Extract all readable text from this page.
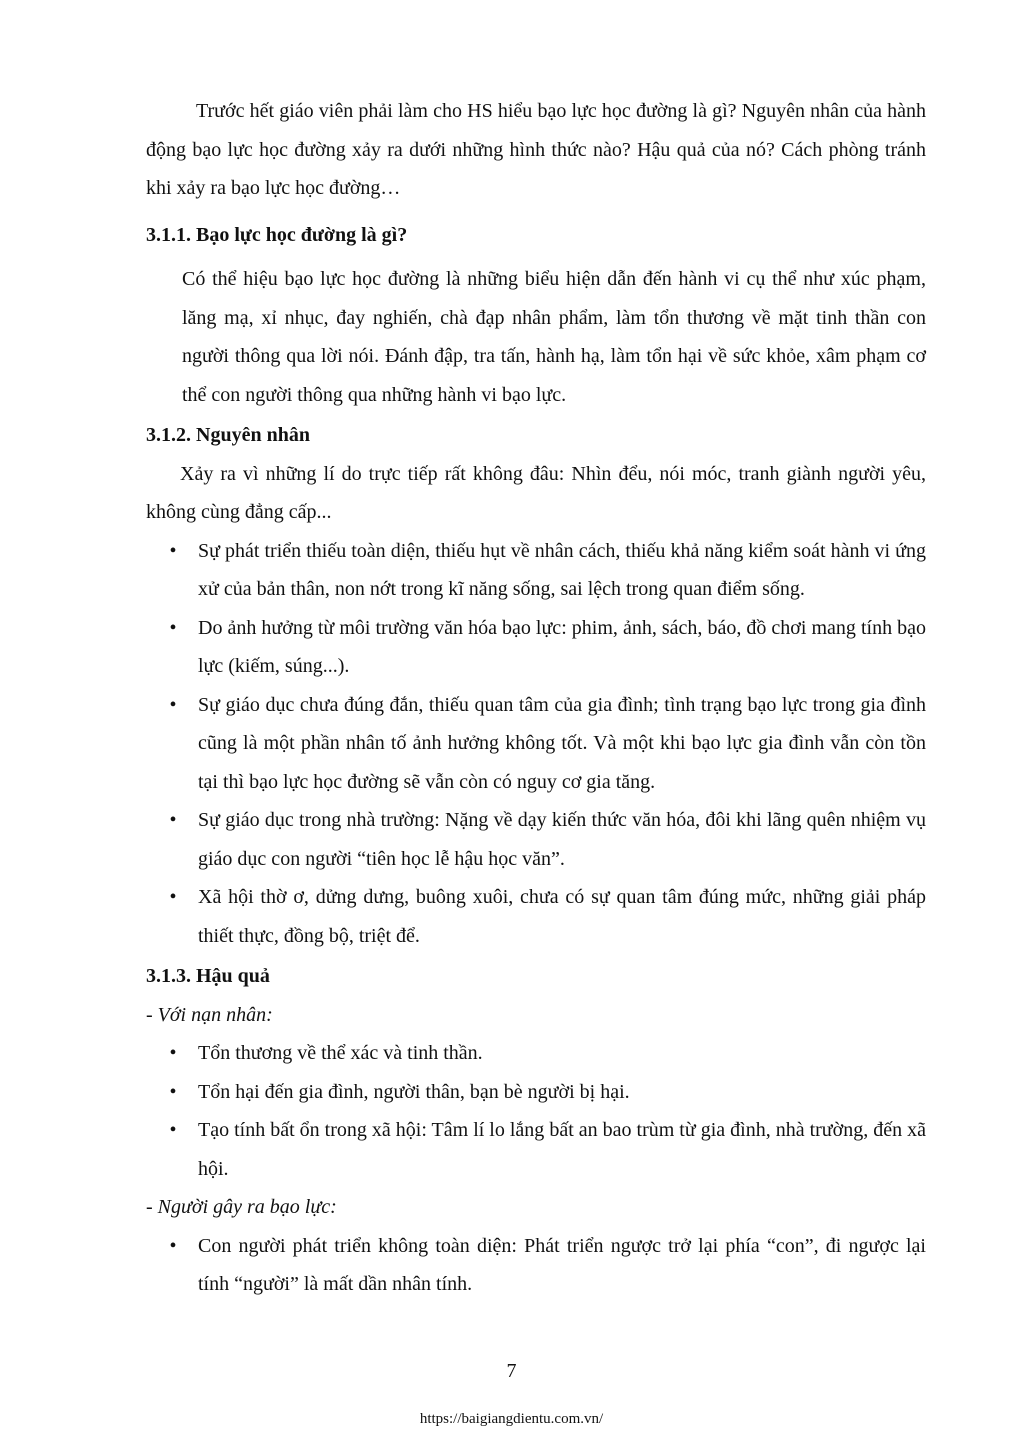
Trước hết giáo viên phải làm cho HS hiểu bạo lực học đường là gì? Nguyên nhân của hành động bạo lực học đường xảy ra dưới những hình thức nào? Hậu quả của nó? Cách phòng tránh khi xảy ra bạo lực học đường…

3.1.1. Bạo lực học đường là gì?

Có thể hiệu bạo lực học đường là những biểu hiện dẫn đến hành vi cụ thể như xúc phạm, lăng mạ, xỉ nhục, đay nghiến, chà đạp nhân phẩm, làm tổn thương về mặt tinh thần con người thông qua lời nói. Đánh đập, tra tấn, hành hạ, làm tổn hại về sức khỏe, xâm phạm cơ thể con người thông qua những hành vi bạo lực.

3.1.2. Nguyên nhân

Xảy ra vì những lí do trực tiếp rất không đâu: Nhìn đểu, nói móc, tranh giành người yêu, không cùng đẳng cấp...

• Sự phát triển thiếu toàn diện, thiếu hụt về nhân cách, thiếu khả năng kiểm soát hành vi ứng xử của bản thân, non nớt trong kĩ năng sống, sai lệch trong quan điểm sống.
• Do ảnh hưởng từ môi trường văn hóa bạo lực: phim, ảnh, sách, báo, đồ chơi mang tính bạo lực (kiếm, súng...).
• Sự giáo dục chưa đúng đắn, thiếu quan tâm của gia đình; tình trạng bạo lực trong gia đình cũng là một phần nhân tố ảnh hưởng không tốt. Và một khi bạo lực gia đình vẫn còn tồn tại thì bạo lực học đường sẽ vẫn còn có nguy cơ gia tăng.
• Sự giáo dục trong nhà trường: Nặng về dạy kiến thức văn hóa, đôi khi lãng quên nhiệm vụ giáo dục con người “tiên học lễ hậu học văn”.
• Xã hội thờ ơ, dửng dưng, buông xuôi, chưa có sự quan tâm đúng mức, những giải pháp thiết thực, đồng bộ, triệt để.
3.1.3. Hậu quả
- Với nạn nhân:
• Tổn thương về thể xác và tinh thần.
• Tổn hại đến gia đình, người thân, bạn bè người bị hại.
• Tạo tính bất ổn trong xã hội: Tâm lí lo lắng bất an bao trùm từ gia đình, nhà trường, đến xã hội.
- Người gây ra bạo lực:
• Con người phát triển không toàn diện: Phát triển ngược trở lại phía “con”, đi ngược lại tính “người” là mất dần nhân tính.
7
https://baigiangdientu.com.vn/
